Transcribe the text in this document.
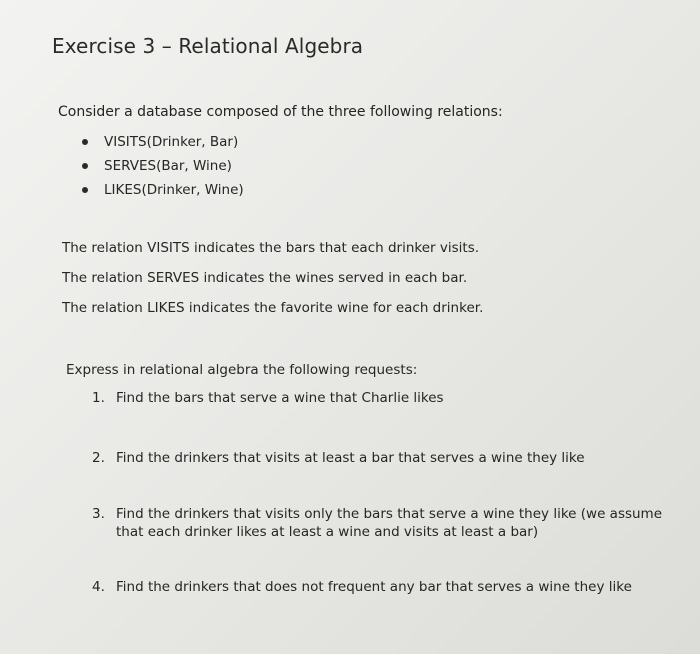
Exercise 3 – Relational Algebra
Consider a database composed of the three following relations:
VISITS(Drinker, Bar)
SERVES(Bar, Wine)
LIKES(Drinker, Wine)
The relation VISITS indicates the bars that each drinker visits.
The relation SERVES indicates the wines served in each bar.
The relation LIKES indicates the favorite wine for each drinker.
Express in relational algebra the following requests:
1. Find the bars that serve a wine that Charlie likes
2. Find the drinkers that visits at least a bar that serves a wine they like
3. Find the drinkers that visits only the bars that serve a wine they like (we assume that each drinker likes at least a wine and visits at least a bar)
4. Find the drinkers that does not frequent any bar that serves a wine they like
